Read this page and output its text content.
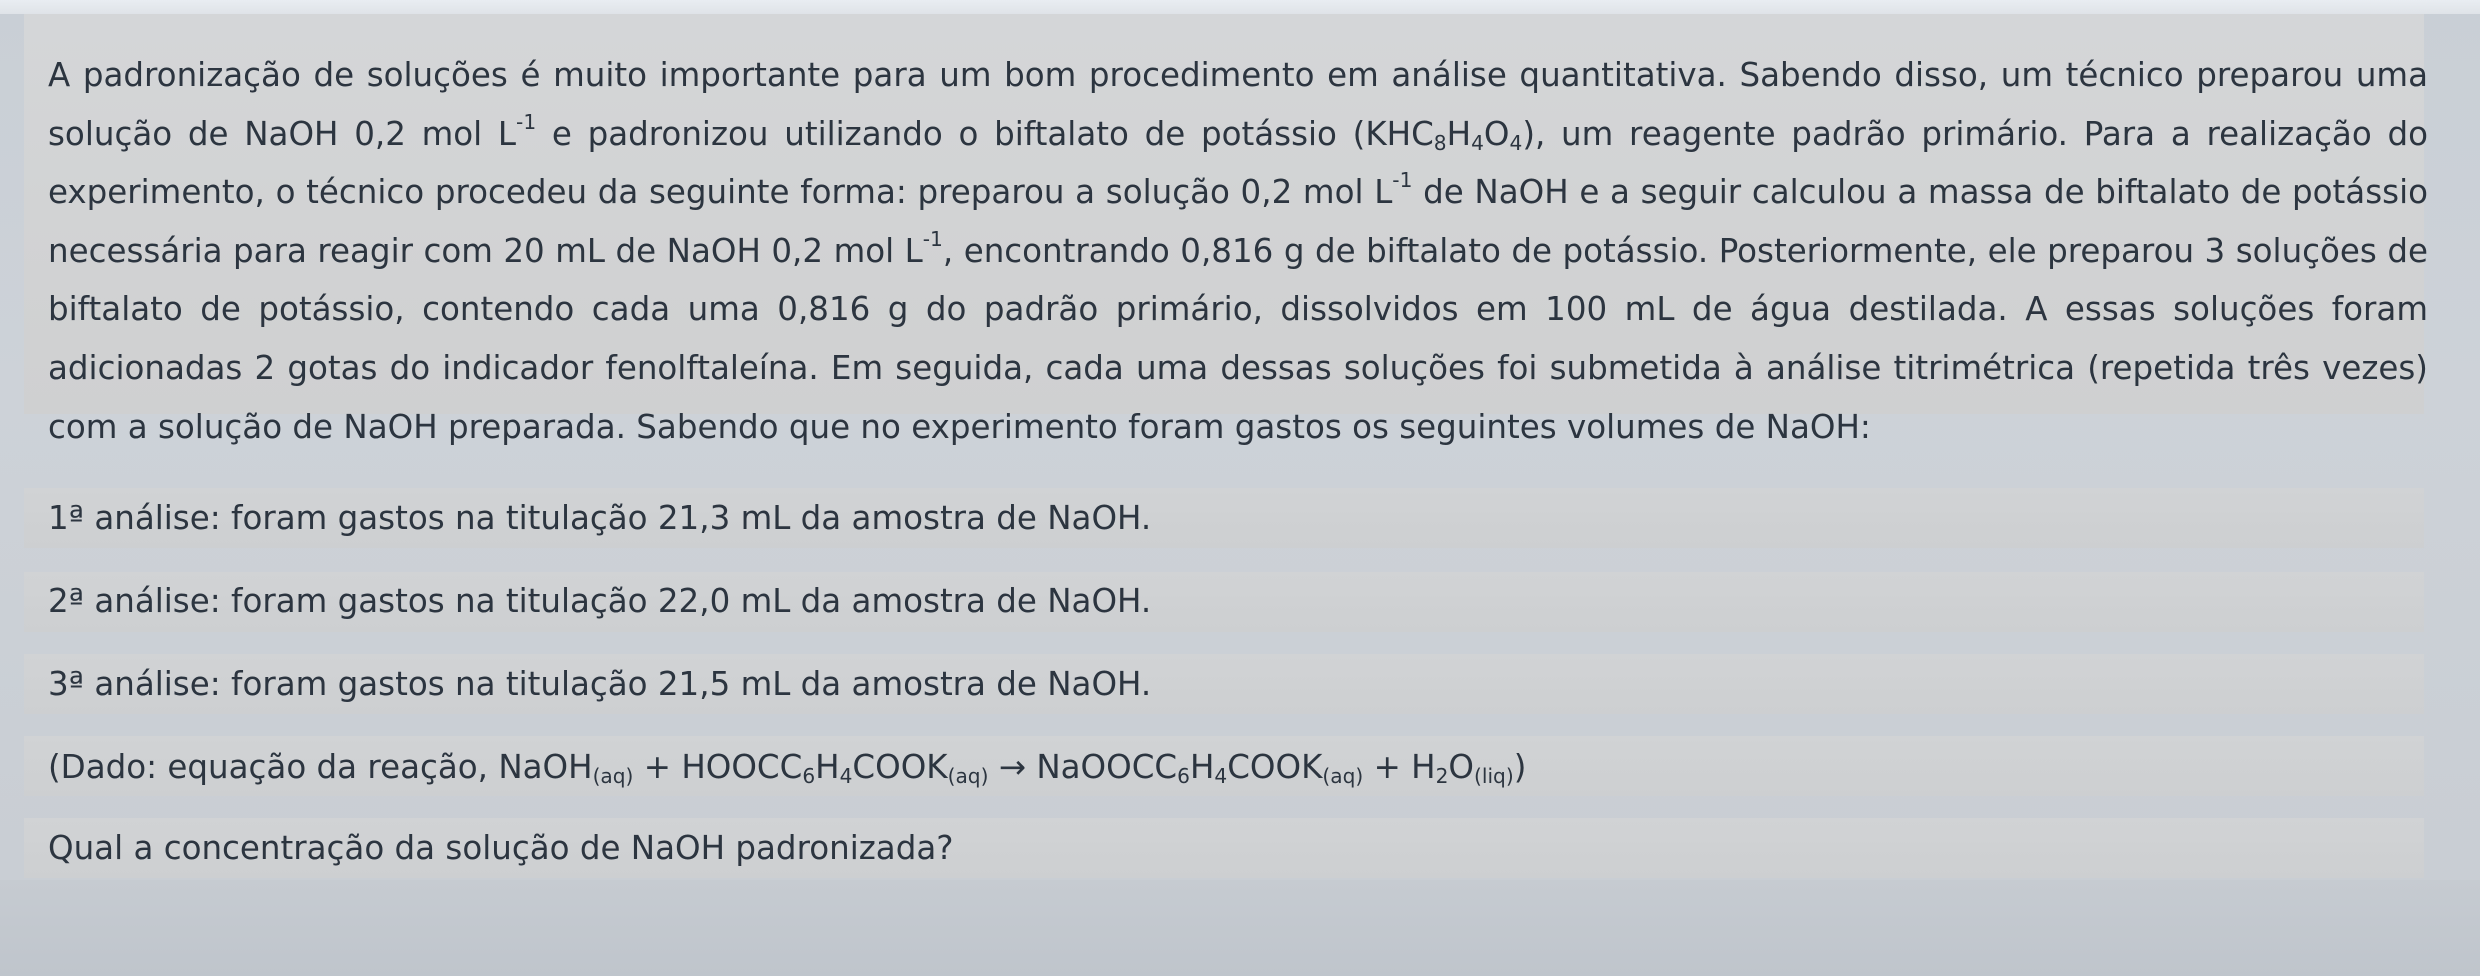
A padronização de soluções é muito importante para um bom procedimento em análise quantitativa. Sabendo disso, um técnico preparou uma solução de NaOH 0,2 mol $L^{-1}$ e padronizou utilizando o biftalato de potássio $(KHC_8H_4O_4)$, um reagente padrão primário. Para a realização do experimento, o técnico procedeu da seguinte forma: preparou a solução 0,2 mol $L^{-1}$ de NaOH e a seguir calculou a massa de biftalato de potássio necessária para reagir com 20 mL de NaOH 0,2 mol $L^{-1}$, encontrando 0,816 g de biftalato de potássio. Posteriormente, ele preparou 3 soluções de biftalato de potássio, contendo cada uma 0,816 g do padrão primário, dissolvidos em 100 mL de água destilada. A essas soluções foram adicionadas 2 gotas do indicador fenolftaleína. Em seguida, cada uma dessas soluções foi submetida à análise titrimétrica (repetida três vezes) com a solução de NaOH preparada. Sabendo que no experimento foram gastos os seguintes volumes de NaOH:

1ª análise: foram gastos na titulação 21,3 mL da amostra de NaOH.
2ª análise: foram gastos na titulação 22,0 mL da amostra de NaOH.
3ª análise: foram gastos na titulação 21,5 mL da amostra de NaOH.
(Dado: equação da reação, NaOH$_{(aq)}$ + $HOOCC_6H_4COOK_{(aq)}$ → $NaOOCC_6H_4COOK_{(aq)} + H_2O_{(liq)}$)
Qual a concentração da solução de NaOH padronizada?
